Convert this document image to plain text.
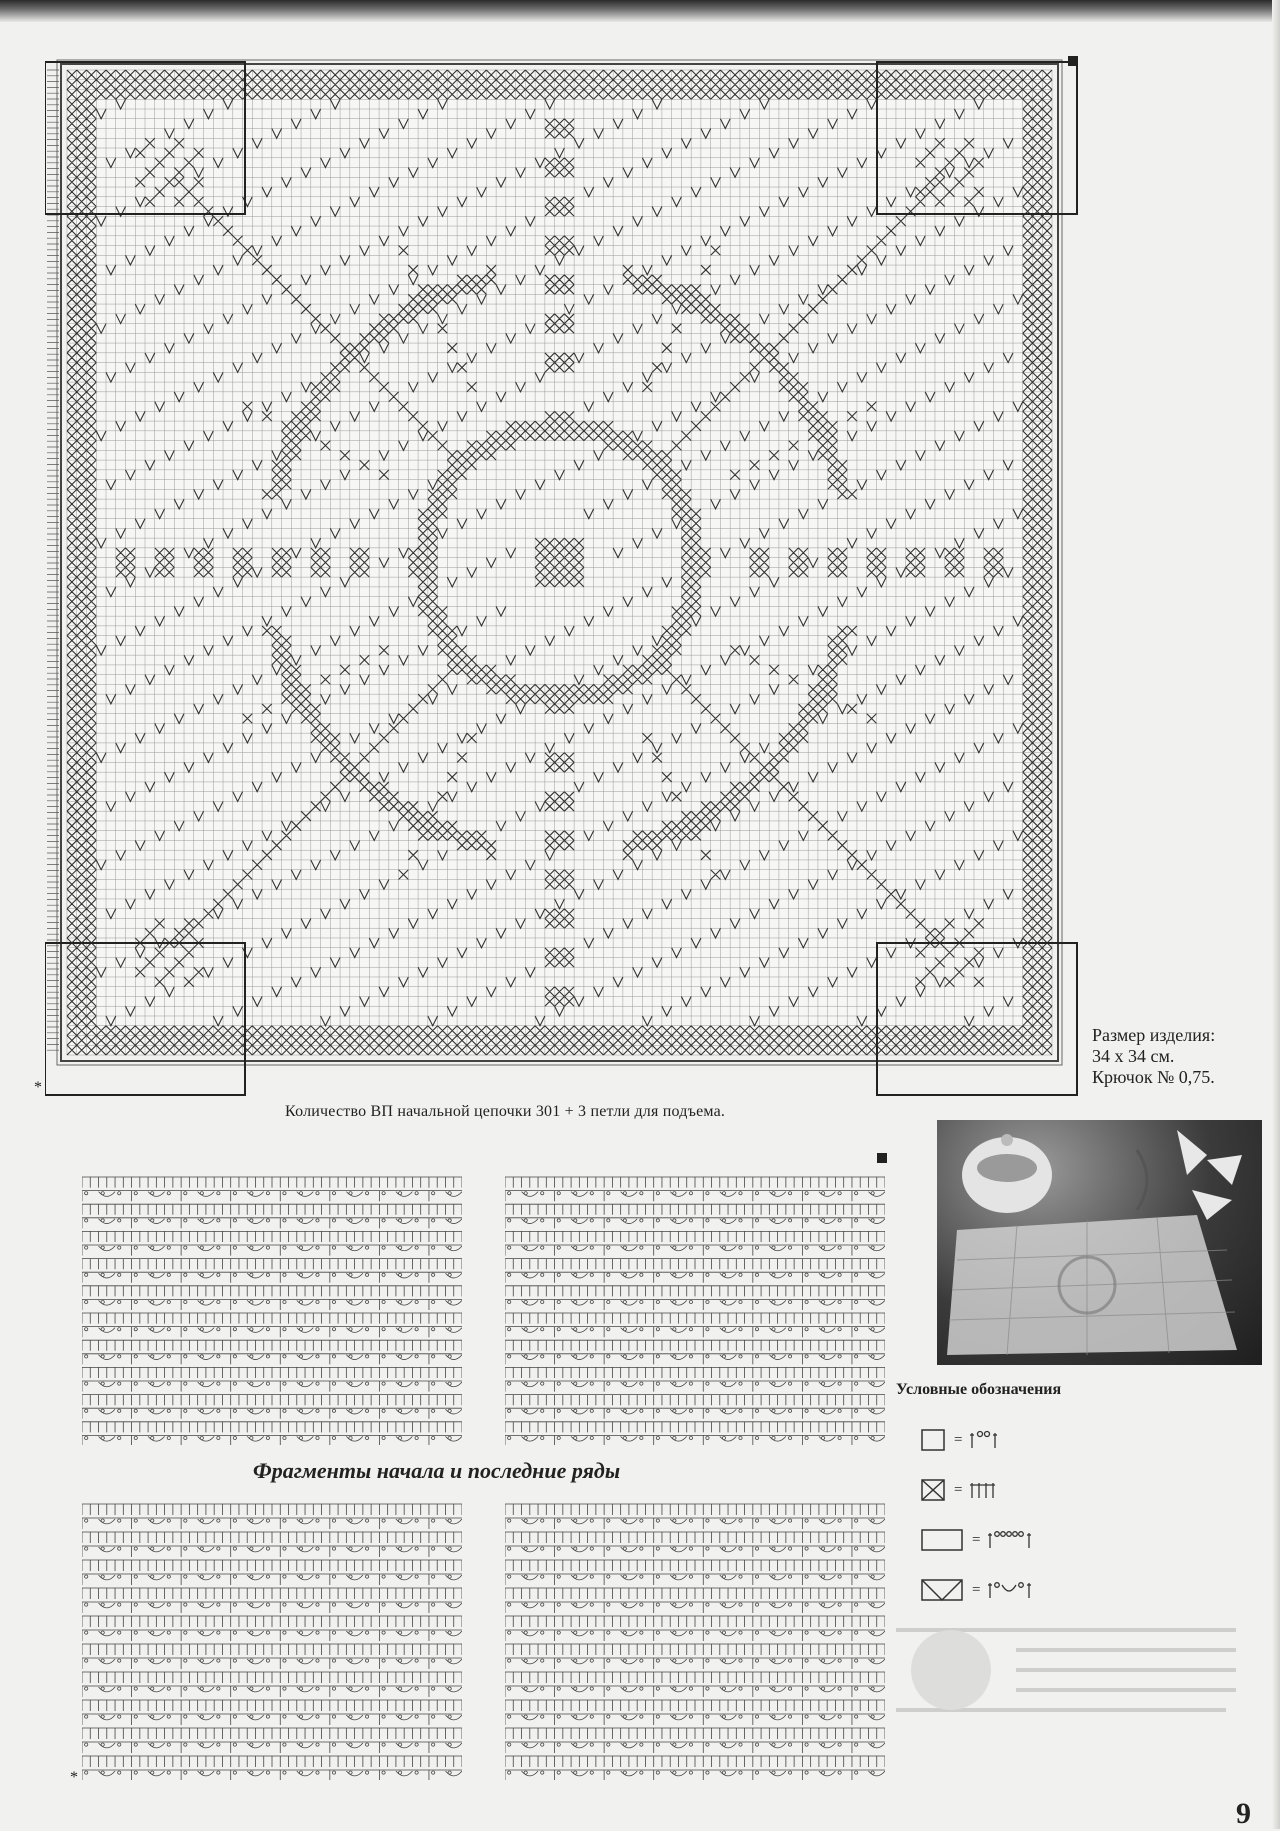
*
Количество ВП начальной цепочки 301 + 3 петли для подъема.
Размер изделия:
34 х 34 см.
Крючок № 0,75.
Условные обозначения
=
=
=
=
Фрагменты начала и последние ряды
*
9
